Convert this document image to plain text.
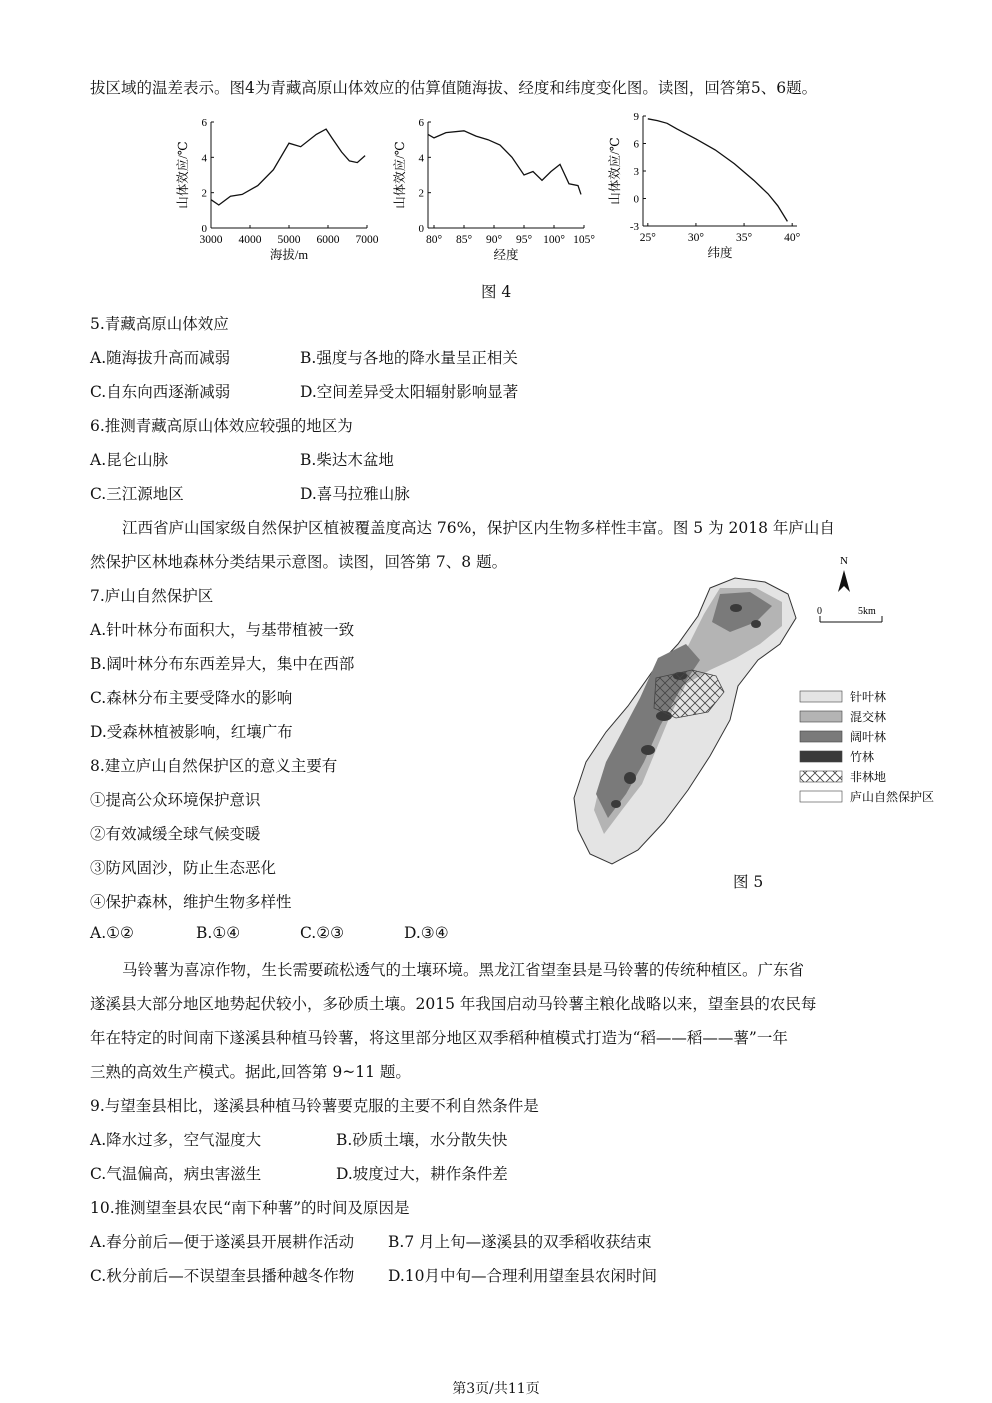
拔区域的温差表示。图4为青藏高原山体效应的估算值随海拔、经度和纬度变化图。读图，回答第5、6题。
0
2
4
6
3000 4000 5000 6000 7000
海拔/m
山体效应/℃
0
2
4
6
80° 85° 90° 95° 100° 105°
经度
山体效应/℃
-3
0
3
6
9
25°	30°	35°	40°
纬度
山体效应/℃
图 4
5.青藏高原山体效应
A.随海拔升高而减弱	B.强度与各地的降水量呈正相关
C.自东向西逐渐减弱	D.空间差异受太阳辐射影响显著
6.推测青藏高原山体效应较强的地区为
A.昆仑山脉	B.柴达木盆地
C.三江源地区	D.喜马拉雅山脉
江西省庐山国家级自然保护区植被覆盖度高达 76%，保护区内生物多样性丰富。图 5 为 2018 年庐山自
然保护区林地森林分类结果示意图。读图，回答第 7、8 题。
7.庐山自然保护区
A.针叶林分布面积大，与基带植被一致
B.阔叶林分布东西差异大，集中在西部
C.森林分布主要受降水的影响
D.受森林植被影响，红壤广布
8.建立庐山自然保护区的意义主要有
①提高公众环境保护意识
②有效减缓全球气候变暖
③防风固沙，防止生态恶化
④保护森林，维护生物多样性
A.①②	B.①④	C.②③	D.③④
N
0	5km
针叶林
混交林
阔叶林
竹林
非林地
庐山自然保护区
图 5
马铃薯为喜凉作物，生长需要疏松透气的土壤环境。黑龙江省望奎县是马铃薯的传统种植区。广东省
遂溪县大部分地区地势起伏较小，多砂质土壤。2015 年我国启动马铃薯主粮化战略以来，望奎县的农民每
年在特定的时间南下遂溪县种植马铃薯，将这里部分地区双季稻种植模式打造为“稻——稻——薯”一年
三熟的高效生产模式。据此,回答第 9~11 题。
9.与望奎县相比，遂溪县种植马铃薯要克服的主要不利自然条件是
A.降水过多，空气湿度大	B.砂质土壤，水分散失快
C.气温偏高，病虫害滋生	D.坡度过大，耕作条件差
10.推测望奎县农民“南下种薯”的时间及原因是
A.春分前后—便于遂溪县开展耕作活动 B.7 月上旬—遂溪县的双季稻收获结束
C.秋分前后—不误望奎县播种越冬作物 D.10月中旬—合理利用望奎县农闲时间
第3页/共11页
